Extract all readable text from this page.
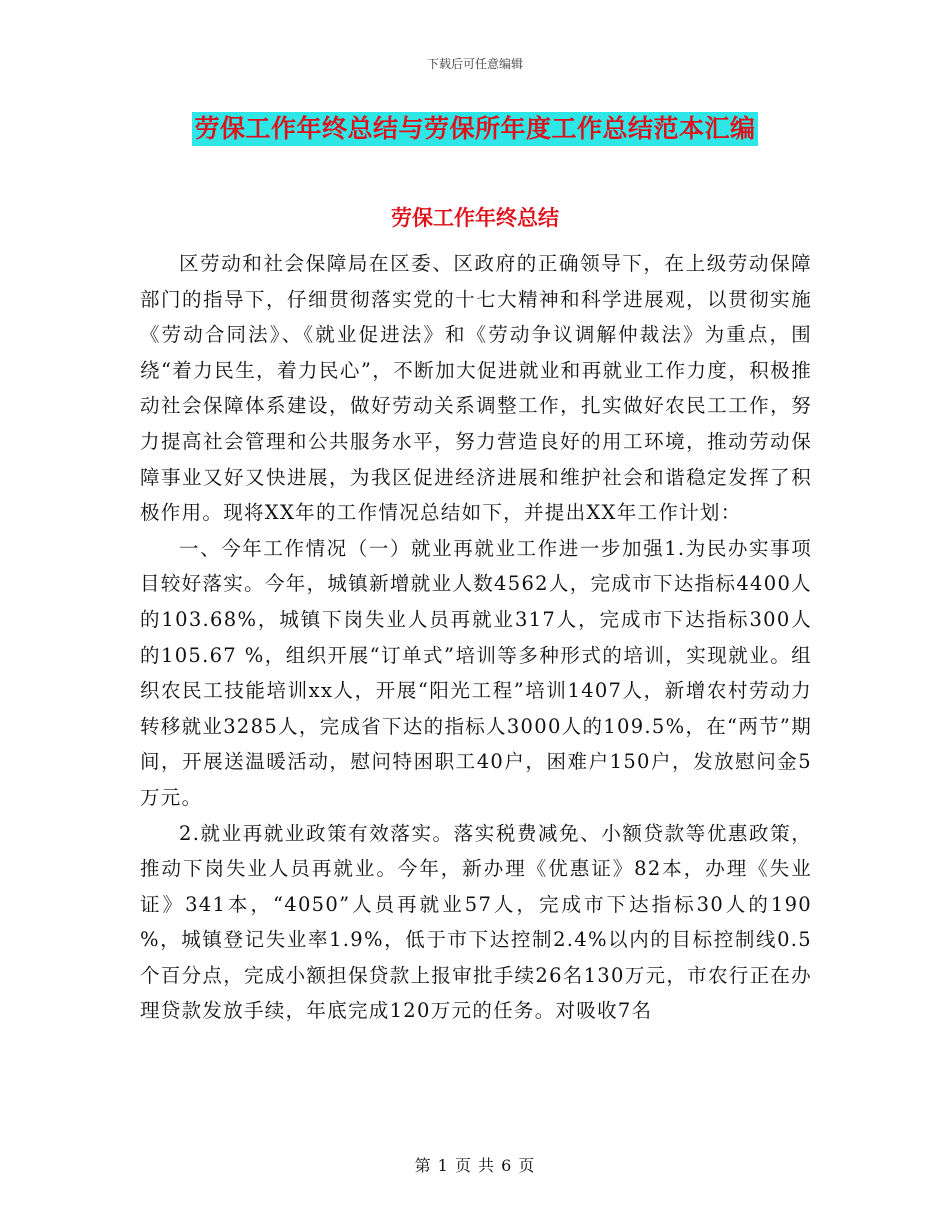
下载后可任意编辑
劳保工作年终总结与劳保所年度工作总结范本汇编
劳保工作年终总结

区劳动和社会保障局在区委、区政府的正确领导下，在上级劳动保障部门的指导下，仔细贯彻落实党的十七大精神和科学进展观，以贯彻实施《劳动合同法》、《就业促进法》和《劳动争议调解仲裁法》为重点，围绕“着力民生，着力民心”，不断加大促进就业和再就业工作力度，积极推动社会保障体系建设，做好劳动关系调整工作，扎实做好农民工工作，努力提高社会管理和公共服务水平，努力营造良好的用工环境，推动劳动保障事业又好又快进展，为我区促进经济进展和维护社会和谐稳定发挥了积极作用。现将XX年的工作情况总结如下，并提出XX年工作计划：

一、今年工作情况（一）就业再就业工作进一步加强1.为民办实事项目较好落实。今年，城镇新增就业人数4562人，完成市下达指标4400人的103.68%，城镇下岗失业人员再就业317人，完成市下达指标300人的105.67 %，组织开展“订单式”培训等多种形式的培训，实现就业。组织农民工技能培训xx人，开展“阳光工程”培训1407人，新增农村劳动力转移就业3285人，完成省下达的指标人3000人的109.5%，在“两节”期间，开展送温暖活动，慰问特困职工40户，困难户150户，发放慰问金5万元。

2.就业再就业政策有效落实。落实税费减免、小额贷款等优惠政策，推动下岗失业人员再就业。今年，新办理《优惠证》82本，办理《失业证》341本，“4050”人员再就业57人，完成市下达指标30人的190 %，城镇登记失业率1.9%，低于市下达控制2.4%以内的目标控制线0.5个百分点，完成小额担保贷款上报审批手续26名130万元，市农行正在办理贷款发放手续，年底完成120万元的任务。对吸收7名

第 1 页 共 6 页
